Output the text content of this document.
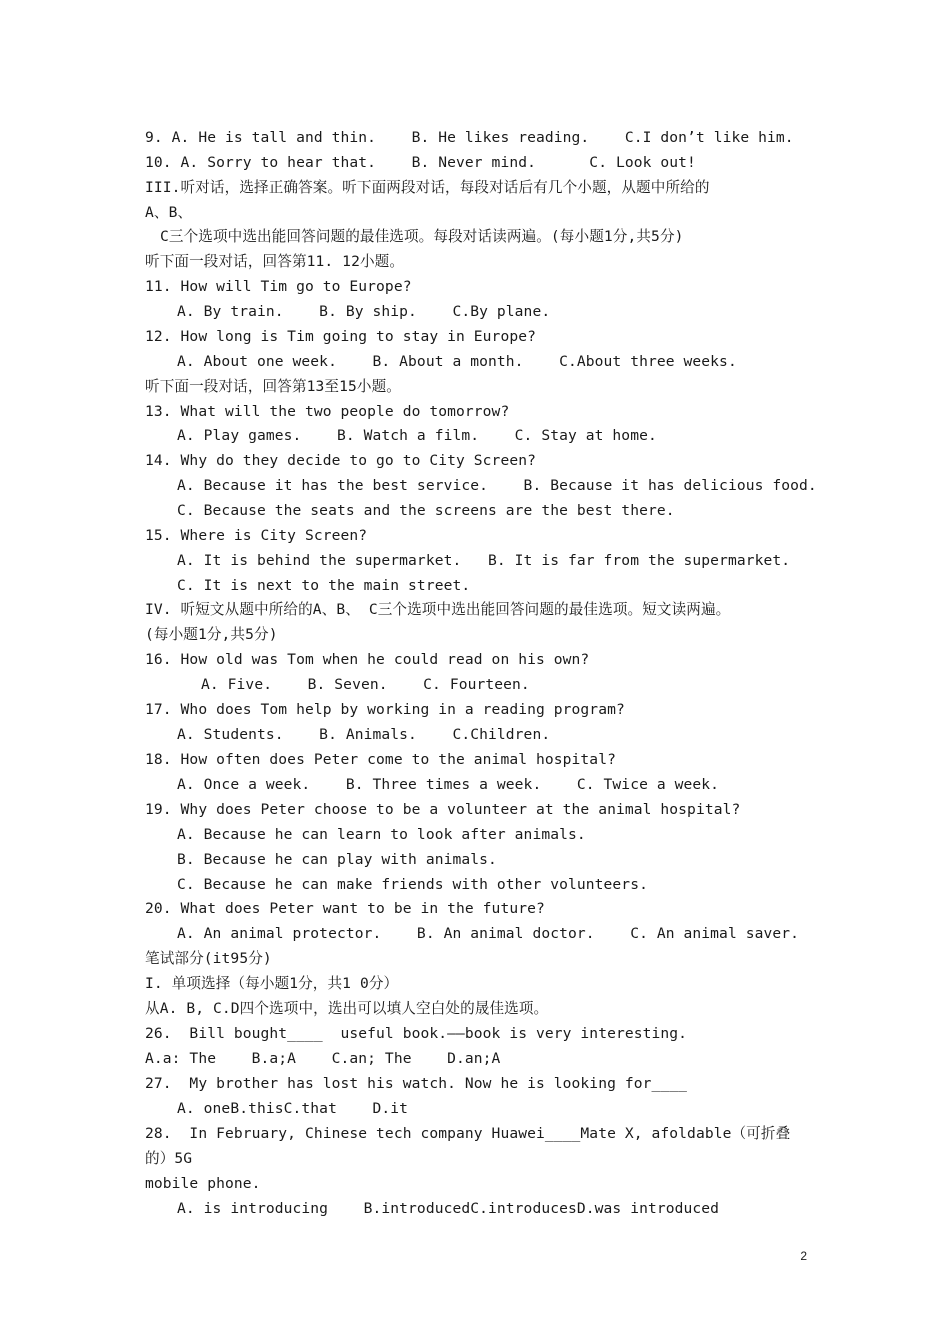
9. A. He is tall and thin.    B. He likes reading.    C.I don’t like him.
10. A. Sorry to hear that.    B. Never mind.      C. Look out!
III.听对话，选择正确答案。听下面两段对话，每段对话后有几个小题，从题中所给的
A、B、
C三个选项中选出能回答问题的最佳选项。每段对话读两遍。(每小题1分,共5分)
听下面一段对话，回答第11. 12小题。
11. How will Tim go to Europe?
A. By train.    B. By ship.    C.By plane.
12. How long is Tim going to stay in Europe?
A. About one week.    B. About a month.    C.About three weeks.
听下面一段对话，回答第13至15小题。
13. What will the two people do tomorrow?
A. Play games.    B. Watch a film.    C. Stay at home.
14. Why do they decide to go to City Screen?
A. Because it has the best service.    B. Because it has delicious food.
C. Because the seats and the screens are the best there.
15. Where is City Screen?
A. It is behind the supermarket.   B. It is far from the supermarket.
C. It is next to the main street.
IV. 听短文从题中所给的A、B、 C三个选项中选出能回答问题的最佳选项。短文读两遍。
(每小题1分,共5分)
16. How old was Tom when he could read on his own?
A. Five.    B. Seven.    C. Fourteen.
17. Who does Tom help by working in a reading program?
A. Students.    B. Animals.    C.Children.
18. How often does Peter come to the animal hospital?
A. Once a week.    B. Three times a week.    C. Twice a week.
19. Why does Peter choose to be a volunteer at the animal hospital?
A. Because he can learn to look after animals.
B. Because he can play with animals.
C. Because he can make friends with other volunteers.
20. What does Peter want to be in the future?
A. An animal protector.    B. An animal doctor.    C. An animal saver.
笔试部分(it95分)
I. 单项选择（每小题1分，共1 0分）
从A. B, C.D四个选项中，选出可以填人空白处的晟佳选项。
26.  Bill bought____  useful book.——book is very interesting.
A.a: The    B.a;A    C.an; The    D.an;A
27.  My brother has lost his watch. Now he is looking for____
A. oneB.thisC.that    D.it
28.  In February, Chinese tech company Huawei____Mate X, afoldable（可折叠
的）5G
mobile phone.
A. is introducing    B.introducedC.introducesD.was introduced
2
